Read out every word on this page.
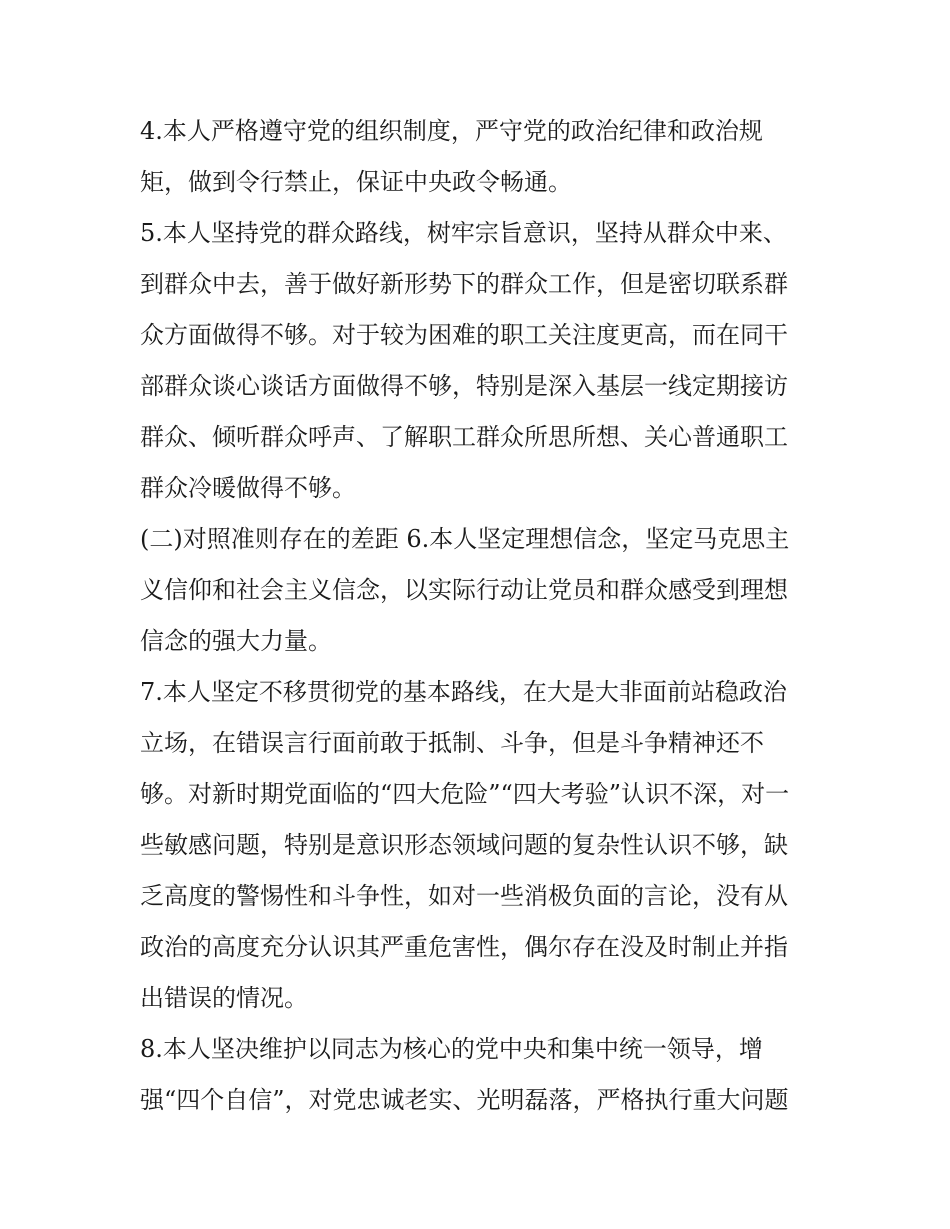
4.本人严格遵守党的组织制度，严守党的政治纪律和政治规
矩，做到令行禁止，保证中央政令畅通。
5.本人坚持党的群众路线，树牢宗旨意识，坚持从群众中来、
到群众中去，善于做好新形势下的群众工作，但是密切联系群
众方面做得不够。对于较为困难的职工关注度更高，而在同干
部群众谈心谈话方面做得不够，特别是深入基层一线定期接访
群众、倾听群众呼声、了解职工群众所思所想、关心普通职工
群众冷暖做得不够。
(二)对照准则存在的差距 6.本人坚定理想信念，坚定马克思主
义信仰和社会主义信念，以实际行动让党员和群众感受到理想
信念的强大力量。
7.本人坚定不移贯彻党的基本路线，在大是大非面前站稳政治
立场，在错误言行面前敢于抵制、斗争，但是斗争精神还不
够。对新时期党面临的“四大危险”“四大考验”认识不深，对一
些敏感问题，特别是意识形态领域问题的复杂性认识不够，缺
乏高度的警惕性和斗争性，如对一些消极负面的言论，没有从
政治的高度充分认识其严重危害性，偶尔存在没及时制止并指
出错误的情况。
8.本人坚决维护以同志为核心的党中央和集中统一领导，增
强“四个自信”，对党忠诚老实、光明磊落，严格执行重大问题
